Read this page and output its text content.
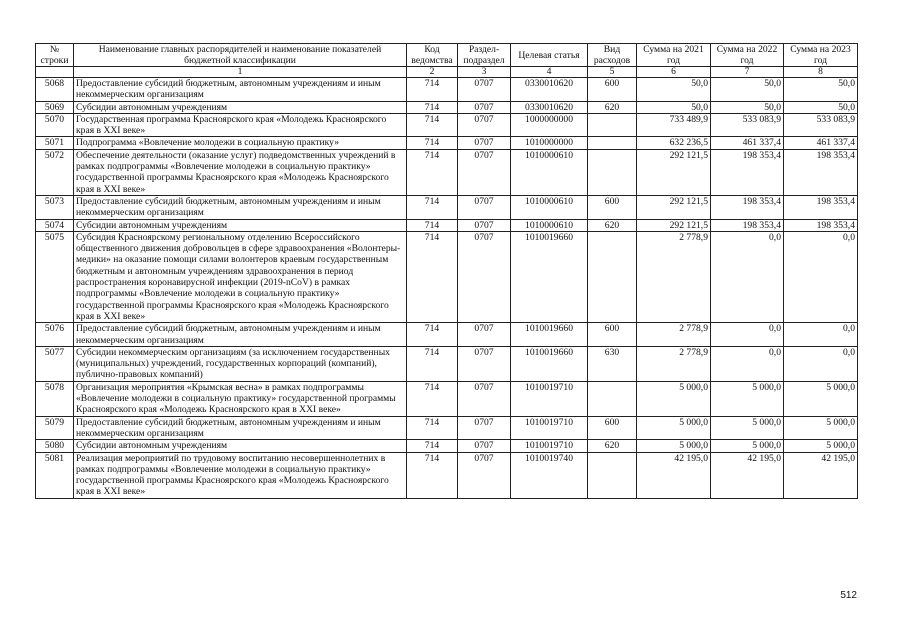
№ строки	Наименование главных распорядителей и наименование показателей бюджетной классификации	Код ведомства	Раздел-подраздел	Целевая статья	Вид расходов	Сумма на 2021 год	Сумма на 2022 год	Сумма на 2023 год
	1	2	3	4	5	6	7	8
5068	Предоставление субсидий бюджетным, автономным учреждениям и иным некоммерческим организациям	714	0707	0330010620	600	50,0	50,0	50,0
5069	Субсидии автономным учреждениям	714	0707	0330010620	620	50,0	50,0	50,0
5070	Государственная программа Красноярского края «Молодежь Красноярского края в XXI веке»	714	0707	1000000000		733 489,9	533 083,9	533 083,9
5071	Подпрограмма «Вовлечение молодежи в социальную практику»	714	0707	1010000000		632 236,5	461 337,4	461 337,4
5072	Обеспечение деятельности (оказание услуг) подведомственных учреждений в рамках подпрограммы «Вовлечение молодежи в социальную практику» государственной программы Красноярского края «Молодежь Красноярского края в XXI веке»	714	0707	1010000610		292 121,5	198 353,4	198 353,4
5073	Предоставление субсидий бюджетным, автономным учреждениям и иным некоммерческим организациям	714	0707	1010000610	600	292 121,5	198 353,4	198 353,4
5074	Субсидии автономным учреждениям	714	0707	1010000610	620	292 121,5	198 353,4	198 353,4
5075	Субсидия Красноярскому региональному отделению Всероссийского общественного движения добровольцев в сфере здравоохранения «Волонтеры-медики» на оказание помощи силами волонтеров краевым государственным бюджетным и автономным учреждениям здравоохранения в период распространения коронавирусной инфекции (2019-nCoV) в рамках подпрограммы «Вовлечение молодежи в социальную практику» государственной программы Красноярского края «Молодежь Красноярского края в XXI веке»	714	0707	1010019660		2 778,9	0,0	0,0
5076	Предоставление субсидий бюджетным, автономным учреждениям и иным некоммерческим организациям	714	0707	1010019660	600	2 778,9	0,0	0,0
5077	Субсидии некоммерческим организациям (за исключением государственных (муниципальных) учреждений, государственных корпораций (компаний), публично-правовых компаний)	714	0707	1010019660	630	2 778,9	0,0	0,0
5078	Организация мероприятия «Крымская весна» в рамках подпрограммы «Вовлечение молодежи в социальную практику» государственной программы Красноярского края «Молодежь Красноярского края в XXI веке»	714	0707	1010019710		5 000,0	5 000,0	5 000,0
5079	Предоставление субсидий бюджетным, автономным учреждениям и иным некоммерческим организациям	714	0707	1010019710	600	5 000,0	5 000,0	5 000,0
5080	Субсидии автономным учреждениям	714	0707	1010019710	620	5 000,0	5 000,0	5 000,0
5081	Реализация мероприятий по трудовому воспитанию несовершеннолетних в рамках подпрограммы «Вовлечение молодежи в социальную практику» государственной программы Красноярского края «Молодежь Красноярского края в XXI веке»	714	0707	1010019740		42 195,0	42 195,0	42 195,0
512
